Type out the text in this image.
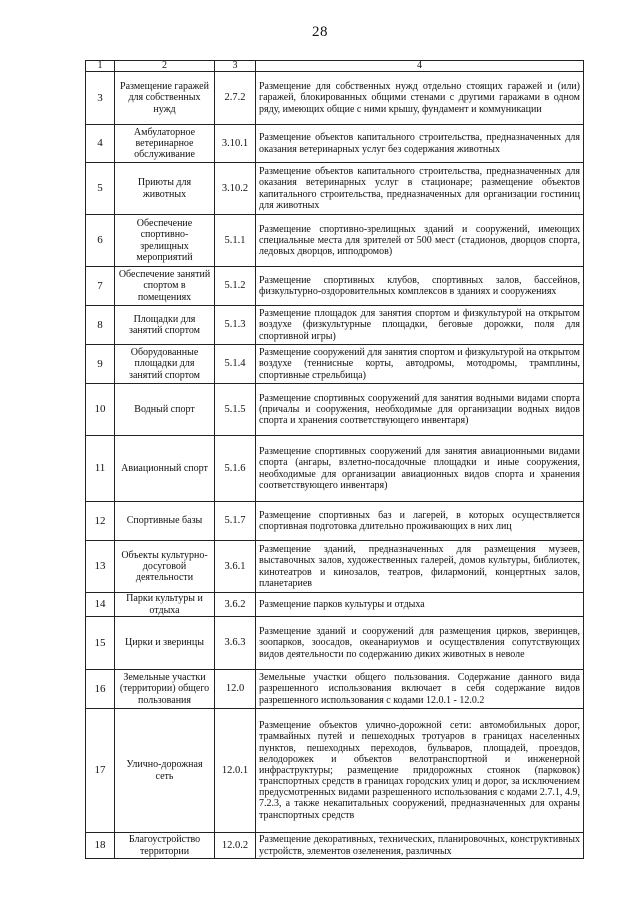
28
1	2	3	4
3	Размещение гаражей для собственных нужд	2.7.2	Размещение для собственных нужд отдельно стоящих гаражей и (или) гаражей, блокированных общими стенами с другими гаражами в одном ряду, имеющих общие с ними крышу, фундамент и коммуникации
4	Амбулаторное ветеринарное обслуживание	3.10.1	Размещение объектов капитального строительства, предназначенных для оказания ветеринарных услуг без содержания животных
5	Приюты для животных	3.10.2	Размещение объектов капитального строительства, предназначенных для оказания ветеринарных услуг в стационаре; размещение объектов капитального строительства, предназначенных для организации гостиниц для животных
6	Обеспечение спортивно-зрелищных мероприятий	5.1.1	Размещение спортивно-зрелищных зданий и сооружений, имеющих специальные места для зрителей от 500 мест (стадионов, дворцов спорта, ледовых дворцов, ипподромов)
7	Обеспечение занятий спортом в помещениях	5.1.2	Размещение спортивных клубов, спортивных залов, бассейнов, физкультурно-оздоровительных комплексов в зданиях и сооружениях
8	Площадки для занятий спортом	5.1.3	Размещение площадок для занятия спортом и физкультурой на открытом воздухе (физкультурные площадки, беговые дорожки, поля для спортивной игры)
9	Оборудованные площадки для занятий спортом	5.1.4	Размещение сооружений для занятия спортом и физкультурой на открытом воздухе (теннисные корты, автодромы, мотодромы, трамплины, спортивные стрельбища)
10	Водный спорт	5.1.5	Размещение спортивных сооружений для занятия водными видами спорта (причалы и сооружения, необходимые для организации водных видов спорта и хранения соответствующего инвентаря)
11	Авиационный спорт	5.1.6	Размещение спортивных сооружений для занятия авиационными видами спорта (ангары, взлетно-посадочные площадки и иные сооружения, необходимые для организации авиационных видов спорта и хранения соответствующего инвентаря)
12	Спортивные базы	5.1.7	Размещение спортивных баз и лагерей, в которых осуществляется спортивная подготовка длительно проживающих в них лиц
13	Объекты культурно-досуговой деятельности	3.6.1	Размещение зданий, предназначенных для размещения музеев, выставочных залов, художественных галерей, домов культуры, библиотек, кинотеатров и кинозалов, театров, филармоний, концертных залов, планетариев
14	Парки культуры и отдыха	3.6.2	Размещение парков культуры и отдыха
15	Цирки и зверинцы	3.6.3	Размещение зданий и сооружений для размещения цирков, зверинцев, зоопарков, зоосадов, океанариумов и осуществления сопутствующих видов деятельности по содержанию диких животных в неволе
16	Земельные участки (территории) общего пользования	12.0	Земельные участки общего пользования. Содержание данного вида разрешенного использования включает в себя содержание видов разрешенного использования с кодами 12.0.1 - 12.0.2
17	Улично-дорожная сеть	12.0.1	Размещение объектов улично-дорожной сети: автомобильных дорог, трамвайных путей и пешеходных тротуаров в границах населенных пунктов, пешеходных переходов, бульваров, площадей, проездов, велодорожек и объектов велотранспортной и инженерной инфраструктуры; размещение придорожных стоянок (парковок) транспортных средств в границах городских улиц и дорог, за исключением предусмотренных видами разрешенного использования с кодами 2.7.1, 4.9, 7.2.3, а также некапитальных сооружений, предназначенных для охраны транспортных средств
18	Благоустройство территории	12.0.2	Размещение декоративных, технических, планировочных, конструктивных устройств, элементов озеленения, различных
